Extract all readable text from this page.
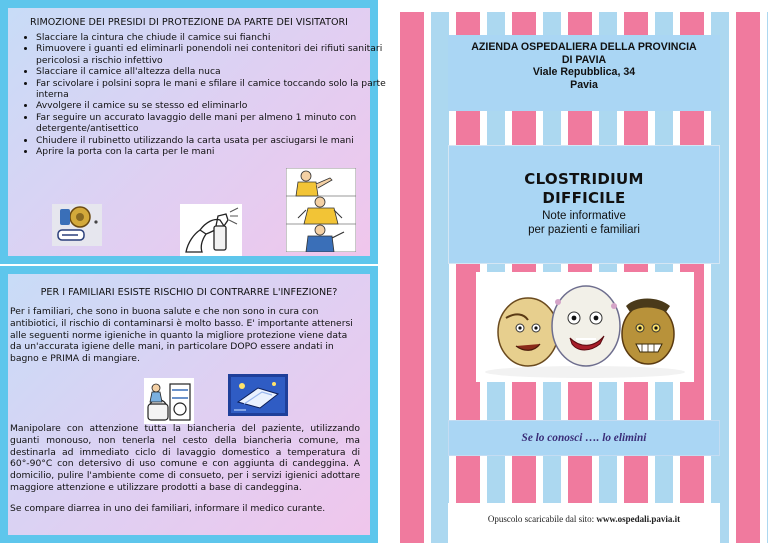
RIMOZIONE DEI PRESIDI DI PROTEZIONE DA PARTE DEI VISITATORI
• Slacciare la cintura che chiude il camice sui fianchi
• Rimuovere i guanti ed eliminarli ponendoli nei contenitori dei rifiuti sanitari pericolosi a rischio infettivo
• Slacciare il camice all'altezza della nuca
• Far scivolare i polsini sopra le mani e sfilare il camice toccando solo la parte interna
• Avvolgere il camice su se stesso ed eliminarlo
• Far seguire un accurato lavaggio delle mani per almeno 1 minuto con detergente/antisettico
• Chiudere il rubinetto utilizzando la carta usata per asciugarsi le mani
• Aprire la porta con la carta per le mani
PER I FAMILIARI ESISTE RISCHIO DI CONTRARRE L'INFEZIONE?
Per i familiari, che sono in buona salute e che non sono in cura con antibiotici, il rischio di contaminarsi è molto basso. E' importante attenersi alle seguenti norme igieniche in quanto la migliore protezione viene data da un'accurata igiene delle mani, in particolare DOPO essere andati in bagno e PRIMA di mangiare.
Manipolare con attenzione tutta la biancheria del paziente, utilizzando guanti monouso, non tenerla nel cesto della biancheria comune, ma destinarla ad immediato ciclo di lavaggio domestico a temperatura di 60°-90°C con detersivo di uso comune e con aggiunta di candeggina. A domicilio, pulire l'ambiente come di consueto, per i servizi igienici adottare maggiore attenzione e utilizzare prodotti a base di candeggina.
Se compare diarrea in uno dei familiari, informare il medico curante.
AZIENDA OSPEDALIERA DELLA PROVINCIA
DI PAVIA
Viale Repubblica, 34
Pavia
CLOSTRIDIUM
DIFFICILE
Note informative
per pazienti e familiari
Se lo conosci …. lo elimini
Opuscolo scaricabile dal sito: www.ospedali.pavia.it
